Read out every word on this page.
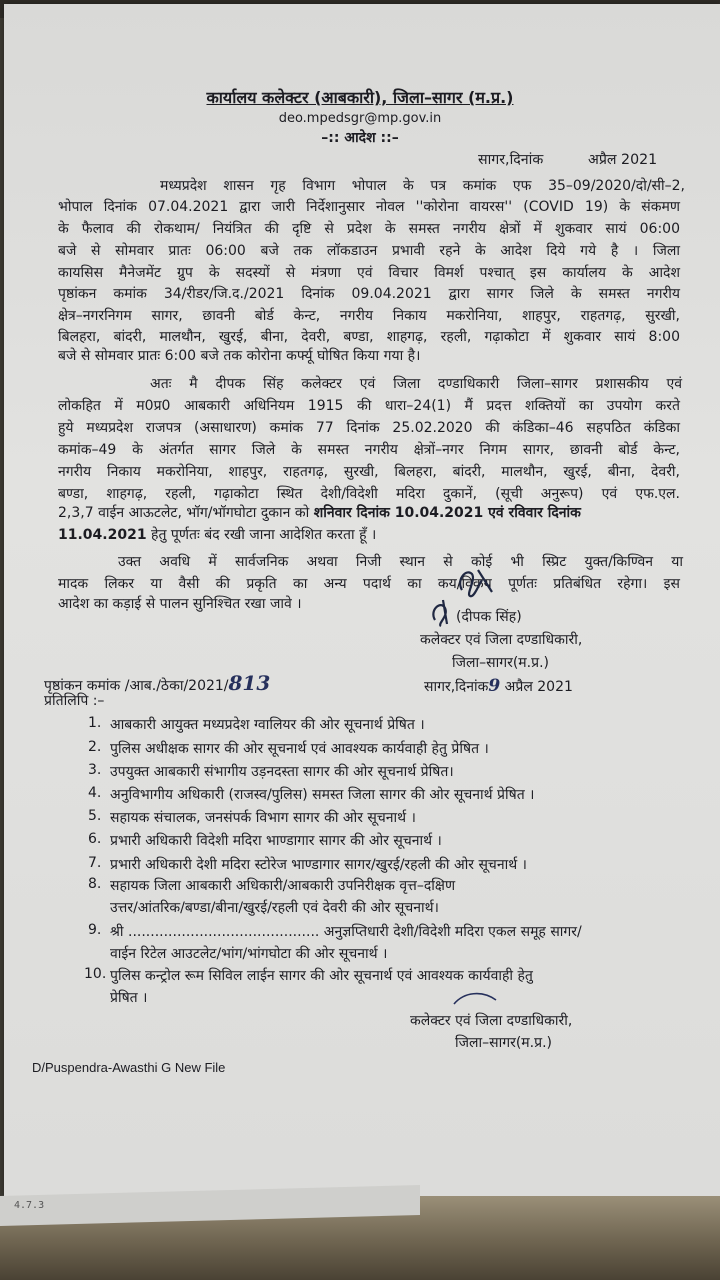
4.7.3
कार्यालय कलेक्टर (आबकारी), जिला–सागर (म.प्र.)
deo.mpedsgr@mp.gov.in
–:: आदेश ::–
सागर,दिनांक	अप्रैल 2021
मध्यप्रदेश शासन गृह विभाग भोपाल के पत्र कमांक एफ 35–09/2020/दो/सी–2,
भोपाल दिनांक 07.04.2021 द्वारा जारी निर्देशानुसार नोवल ''कोरोना वायरस'' (COVID 19) के संकमण
के फैलाव की रोकथाम/ नियंत्रित की दृष्टि से प्रदेश के समस्त नगरीय क्षेत्रों में शुकवार सायं 06:00
बजे से सोमवार प्रातः 06:00 बजे तक लॉकडाउन प्रभावी रहने के आदेश दिये गये है । जिला
कायसिस मैनेजमेंट ग्रुप के सदस्यों से मंत्रणा एवं विचार विमर्श पश्चात् इस कार्यालय के आदेश
पृष्ठांकन कमांक 34/रीडर/जि.द./2021 दिनांक 09.04.2021 द्वारा सागर जिले के समस्त नगरीय
क्षेत्र–नगरनिगम सागर, छावनी बोर्ड केन्ट, नगरीय निकाय मकरोनिया, शाहपुर, राहतगढ़, सुरखी,
बिलहरा, बांदरी, मालथौन, खुरई, बीना, देवरी, बण्डा, शाहगढ़, रहली, गढ़ाकोटा में शुकवार सायं 8:00
बजे से सोमवार प्रातः 6:00 बजे तक कोरोना कर्फ्यू घोषित किया गया है।
अतः मै दीपक सिंह कलेक्टर एवं जिला दण्डाधिकारी जिला–सागर प्रशासकीय एवं
लोकहित में म0प्र0 आबकारी अधिनियम 1915 की धारा–24(1) मैं प्रदत्त शक्तियों का उपयोग करते
हुये मध्यप्रदेश राजपत्र (असाधारण) कमांक 77 दिनांक 25.02.2020 की कंडिका–46 सहपठित कंडिका
कमांक–49 के अंतर्गत सागर जिले के समस्त नगरीय क्षेत्रों–नगर निगम सागर, छावनी बोर्ड केन्ट,
नगरीय निकाय मकरोनिया, शाहपुर, राहतगढ़, सुरखी, बिलहरा, बांदरी, मालथौन, खुरई, बीना, देवरी,
बण्डा, शाहगढ़, रहली, गढ़ाकोटा स्थित देशी/विदेशी मदिरा दुकानें, (सूची अनुरूप) एवं एफ.एल.
2,3,7 वाईन आऊटलेट, भॉग/भॉगघोटा दुकान को शनिवार दिनांक 10.04.2021 एवं रविवार दिनांक
11.04.2021 हेतु पूर्णतः बंद रखी जाना आदेशित करता हूँ ।
उक्त अवधि में सार्वजनिक अथवा निजी स्थान से कोई भी स्प्रिट युक्त/किण्विन या
मादक लिकर या वैसी की प्रकृति का अन्य पदार्थ का कय/विकय पूर्णतः प्रतिबंधित रहेगा। इस
आदेश का कड़ाई से पालन सुनिश्चित रखा जावे ।
(दीपक सिंह)
कलेक्टर एवं जिला दण्डाधिकारी,
जिला–सागर(म.प्र.)
सागर,दिनांक9 अप्रैल 2021
पृष्ठांकन कमांक /आब./ठेका/2021/813
प्रतिलिपि :–
1. आबकारी आयुक्त मध्यप्रदेश ग्वालियर की ओर सूचनार्थ प्रेषित ।
2. पुलिस अधीक्षक सागर की ओर सूचनार्थ एवं आवश्यक कार्यवाही हेतु प्रेषित ।
3. उपयुक्त आबकारी संभागीय उड़नदस्ता सागर की ओर सूचनार्थ प्रेषित।
4. अनुविभागीय अधिकारी (राजस्व/पुलिस) समस्त जिला सागर की ओर सूचनार्थ प्रेषित ।
5. सहायक संचालक, जनसंपर्क विभाग सागर की ओर सूचनार्थ ।
6. प्रभारी अधिकारी विदेशी मदिरा भाण्डागार सागर की ओर सूचनार्थ ।
7. प्रभारी अधिकारी देशी मदिरा स्टोरेज भाण्डागार सागर/खुरई/रहली की ओर सूचनार्थ ।
8. सहायक जिला आबकारी अधिकारी/आबकारी उपनिरीक्षक वृत्त–दक्षिण
उत्तर/आंतरिक/बण्डा/बीना/खुरई/रहली एवं देवरी की ओर सूचनार्थ।
9. श्री ........................................... अनुज्ञप्तिधारी देशी/विदेशी मदिरा एकल समूह सागर/
वाईन रिटेल आउटलेट/भांग/भांगघोटा की ओर सूचनार्थ ।
10. पुलिस कन्ट्रोल रूम सिविल लाईन सागर की ओर सूचनार्थ एवं आवश्यक कार्यवाही हेतु
प्रेषित ।
कलेक्टर एवं जिला दण्डाधिकारी,
जिला–सागर(म.प्र.)
D/Puspendra-Awasthi G New File
